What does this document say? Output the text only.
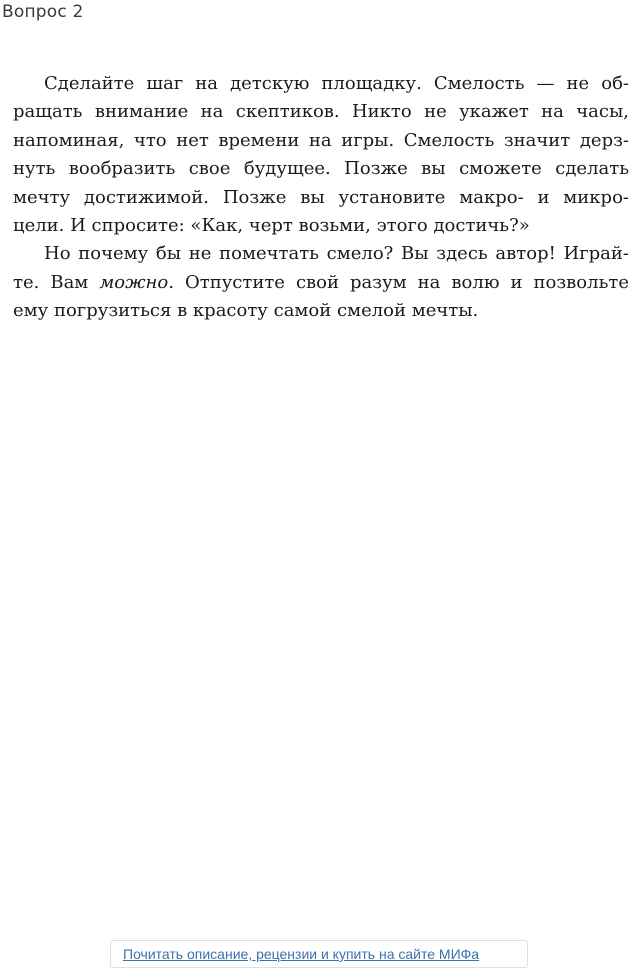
Вопрос 2

Сделайте шаг на детскую площадку. Смелость — не об-
ращать внимание на скептиков. Никто не укажет на часы,
напоминая, что нет времени на игры. Смелость значит дерз-
нуть вообразить свое будущее. Позже вы сможете сделать
мечту достижимой. Позже вы установите макро- и микро-
цели. И спросите: «Как, черт возьми, этого достичь?»

Но почему бы не помечтать смело? Вы здесь автор! Играй-
те. Вам можно. Отпустите свой разум на волю и позвольте
ему погрузиться в красоту самой смелой мечты.

Почитать описание, рецензии и купить на сайте МИФа
